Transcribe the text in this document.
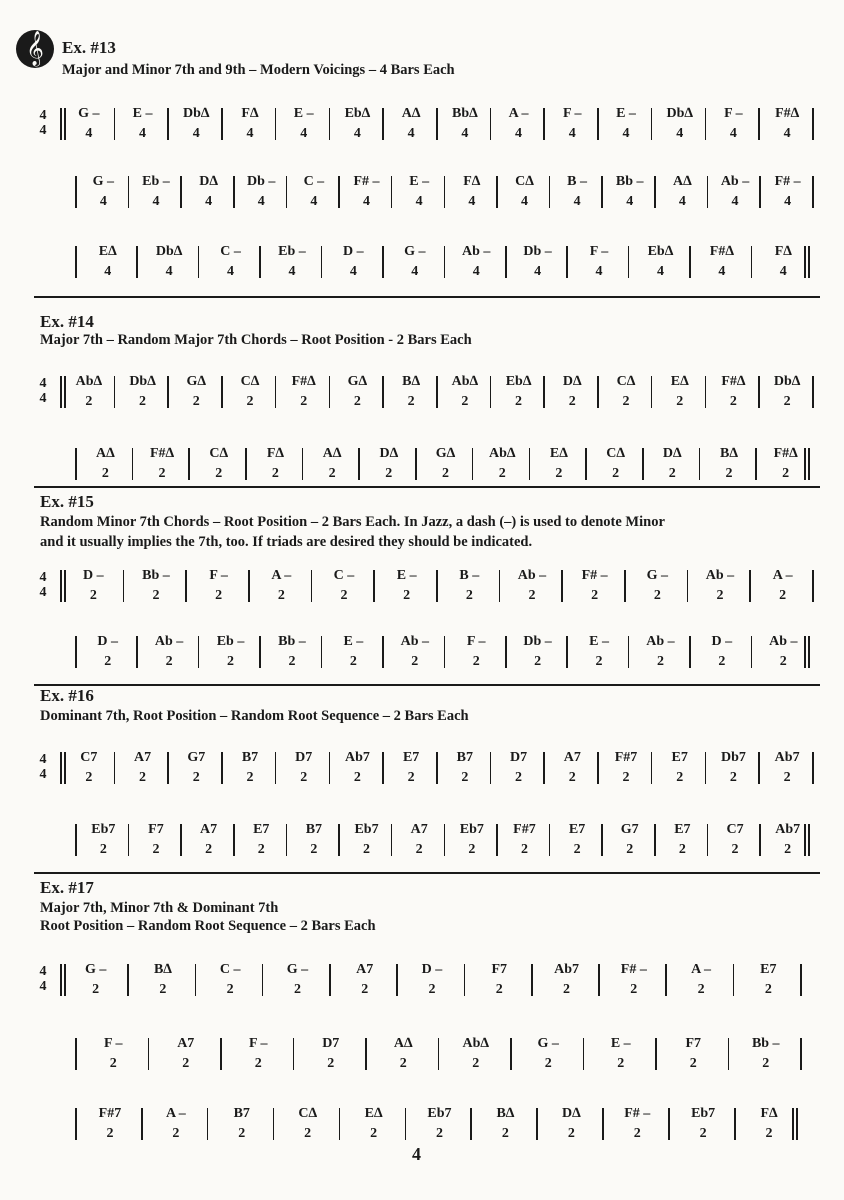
𝄞	Ex. #13
Major and Minor 7th and 9th – Modern Voicings – 4 Bars Each
4
4
G –
4
E –
4
Db∆
4
F∆
4
E –
4
Eb∆
4
A∆
4
Bb∆
4
A –
4
F –
4
E –
4
Db∆
4
F –
4
F#∆
4
G –
4
Eb –
4
D∆
4
Db –
4
C –
4
F# –
4
E –
4
F∆
4
C∆
4
B –
4
Bb –
4
A∆
4
Ab –
4
F# –
4
E∆
4
Db∆
4
C –
4
Eb –
4
D –
4
G –
4
Ab –
4
Db –
4
F –
4
Eb∆
4
F#∆
4
F∆
4
Ex. #14
Major 7th – Random Major 7th Chords – Root Position - 2 Bars Each
4
4
Ab∆
2
Db∆
2
G∆
2
C∆
2
F#∆
2
G∆
2
B∆
2
Ab∆
2
Eb∆
2
D∆
2
C∆
2
E∆
2
F#∆
2
Db∆
2
A∆
2
F#∆
2
C∆
2
F∆
2
A∆
2
D∆
2
G∆
2
Ab∆
2
E∆
2
C∆
2
D∆
2
B∆
2
F#∆
2
Ex. #15
Random Minor 7th Chords – Root Position – 2 Bars Each. In Jazz, a dash (–) is used to denote Minor
and it usually implies the 7th, too. If triads are desired they should be indicated.
4
4
D –
2
Bb –
2
F –
2
A –
2
C –
2
E –
2
B –
2
Ab –
2
F# –
2
G –
2
Ab –
2
A –
2
D –
2
Ab –
2
Eb –
2
Bb –
2
E –
2
Ab –
2
F –
2
Db –
2
E –
2
Ab –
2
D –
2
Ab –
2
Ex. #16
Dominant 7th, Root Position – Random Root Sequence – 2 Bars Each
4
4
C7
2
A7
2
G7
2
B7
2
D7
2
Ab7
2
E7
2
B7
2
D7
2
A7
2
F#7
2
E7
2
Db7
2
Ab7
2
Eb7
2
F7
2
A7
2
E7
2
B7
2
Eb7
2
A7
2
Eb7
2
F#7
2
E7
2
G7
2
E7
2
C7
2
Ab7
2
Ex. #17
Major 7th, Minor 7th & Dominant 7th
Root Position – Random Root Sequence – 2 Bars Each
4
4
G –
2
B∆
2
C –
2
G –
2
A7
2
D –
2
F7
2
Ab7
2
F# –
2
A –
2
E7
2
F –
2
A7
2
F –
2
D7
2
A∆
2
Ab∆
2
G –
2
E –
2
F7
2
Bb –
2
F#7
2
A –
2
B7
2
C∆
2
E∆
2
Eb7
2
B∆
2
D∆
2
F# –
2
Eb7
2
F∆
2
4
